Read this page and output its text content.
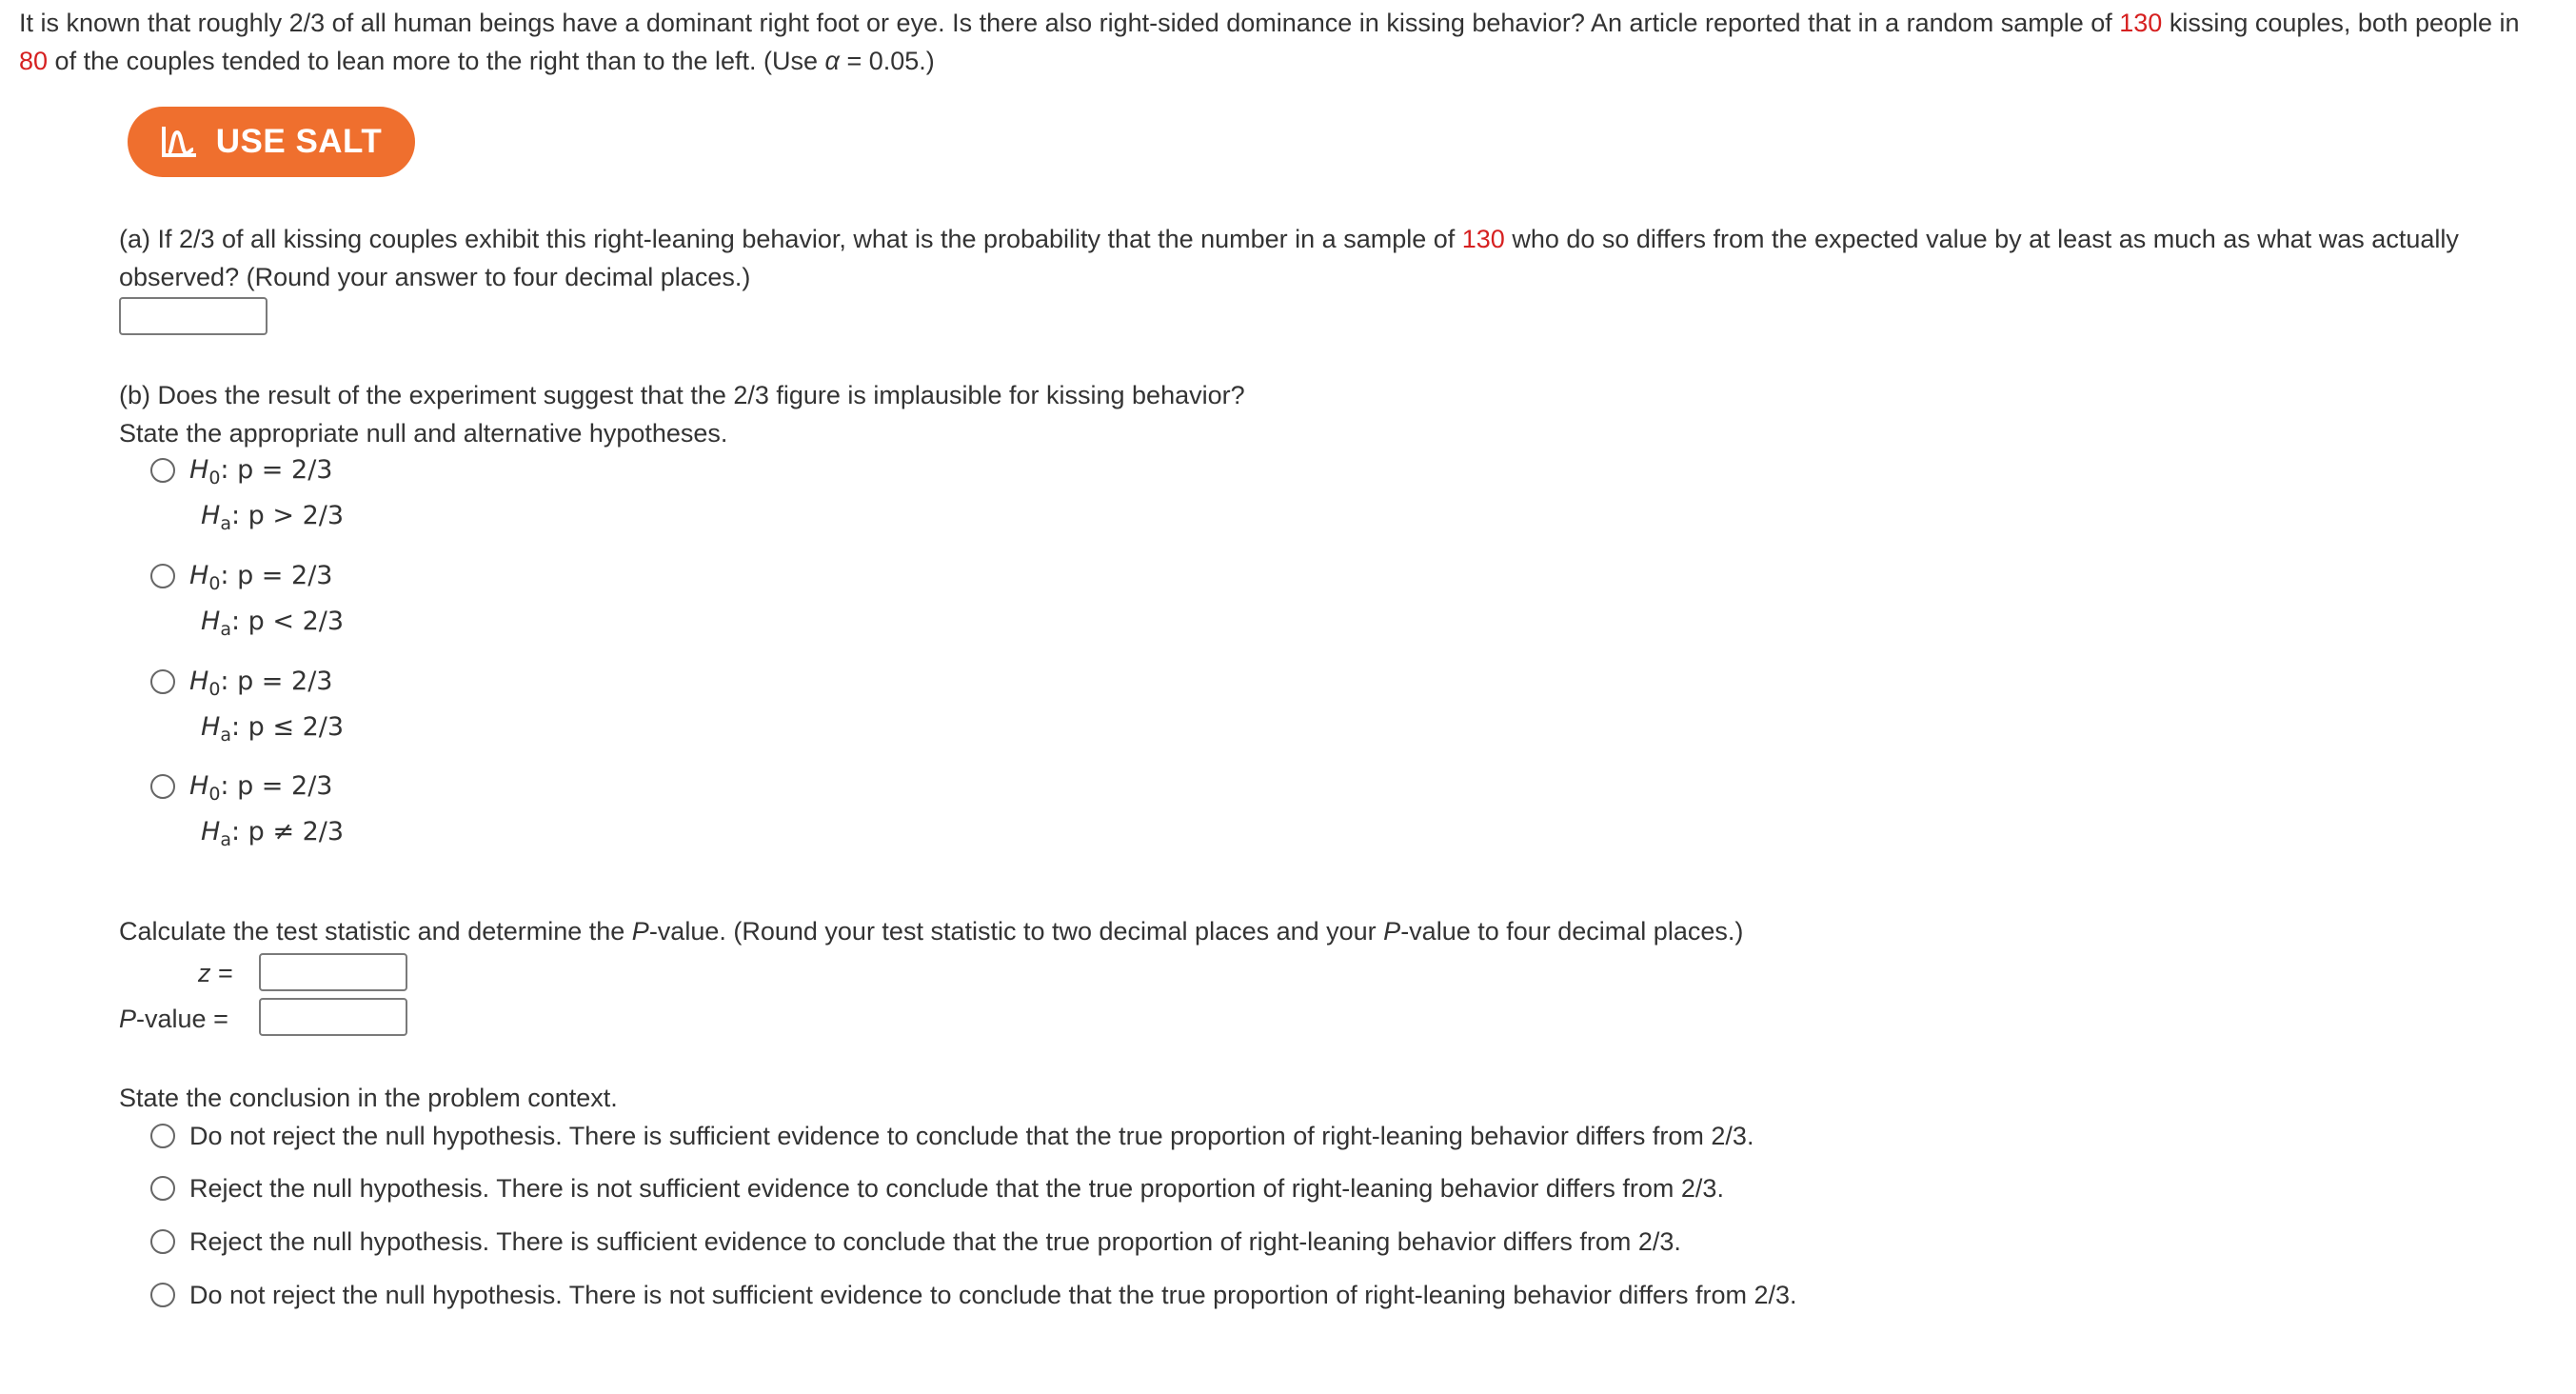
It is known that roughly 2/3 of all human beings have a dominant right foot or eye. Is there also right-sided dominance in kissing behavior? An article reported that in a random sample of 130 kissing couples, both people in 80 of the couples tended to lean more to the right than to the left. (Use α = 0.05.)
USE SALT
(a) If 2/3 of all kissing couples exhibit this right-leaning behavior, what is the probability that the number in a sample of 130 who do so differs from the expected value by at least as much as what was actually observed? (Round your answer to four decimal places.)
(b) Does the result of the experiment suggest that the 2/3 figure is implausible for kissing behavior?
State the appropriate null and alternative hypotheses.
$H_0$: p = 2/3
$H_a$: p > 2/3
$H_0$: p = 2/3
$H_a$: p < 2/3
$H_0$: p = 2/3
$H_a$: p ≤ 2/3
$H_0$: p = 2/3
$H_a$: p ≠ 2/3
Calculate the test statistic and determine the P-value. (Round your test statistic to two decimal places and your P-value to four decimal places.)
z =
P-value =
State the conclusion in the problem context.
Do not reject the null hypothesis. There is sufficient evidence to conclude that the true proportion of right-leaning behavior differs from 2/3.
Reject the null hypothesis. There is not sufficient evidence to conclude that the true proportion of right-leaning behavior differs from 2/3.
Reject the null hypothesis. There is sufficient evidence to conclude that the true proportion of right-leaning behavior differs from 2/3.
Do not reject the null hypothesis. There is not sufficient evidence to conclude that the true proportion of right-leaning behavior differs from 2/3.
